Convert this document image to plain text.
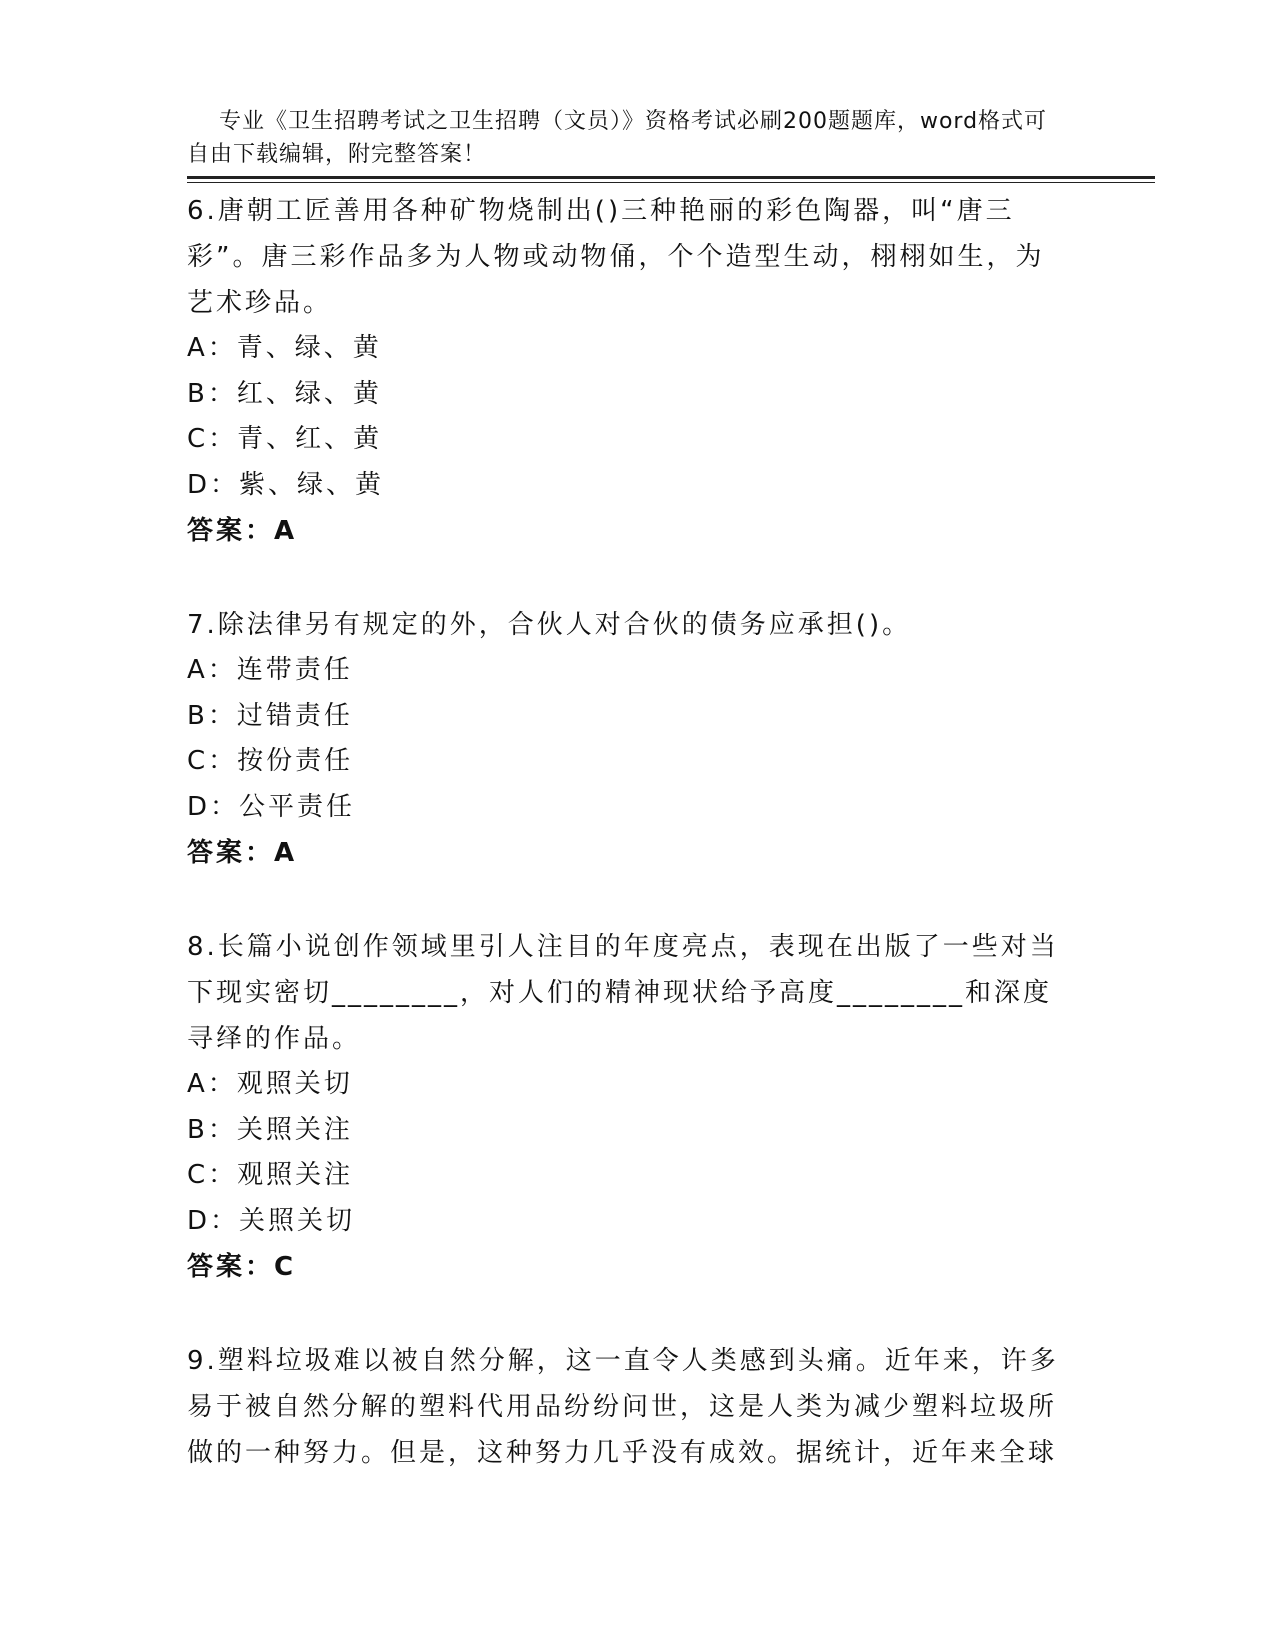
专业《卫生招聘考试之卫生招聘（文员）》资格考试必刷200题题库，word格式可自由下载编辑，附完整答案！

6.唐朝工匠善用各种矿物烧制出()三种艳丽的彩色陶器，叫“唐三彩”。唐三彩作品多为人物或动物俑，个个造型生动，栩栩如生，为艺术珍品。

A：青、绿、黄

B：红、绿、黄

C：青、红、黄

D：紫、绿、黄

答案：A

7.除法律另有规定的外，合伙人对合伙的债务应承担()。

A：连带责任

B：过错责任

C：按份责任

D：公平责任

答案：A

8.长篇小说创作领域里引人注目的年度亮点，表现在出版了一些对当下现实密切________，对人们的精神现状给予高度________和深度寻绎的作品。

A：观照关切

B：关照关注

C：观照关注

D：关照关切

答案：C

9.塑料垃圾难以被自然分解，这一直令人类感到头痛。近年来，许多易于被自然分解的塑料代用品纷纷问世，这是人类为减少塑料垃圾所做的一种努力。但是，这种努力几乎没有成效。据统计，近年来全球
